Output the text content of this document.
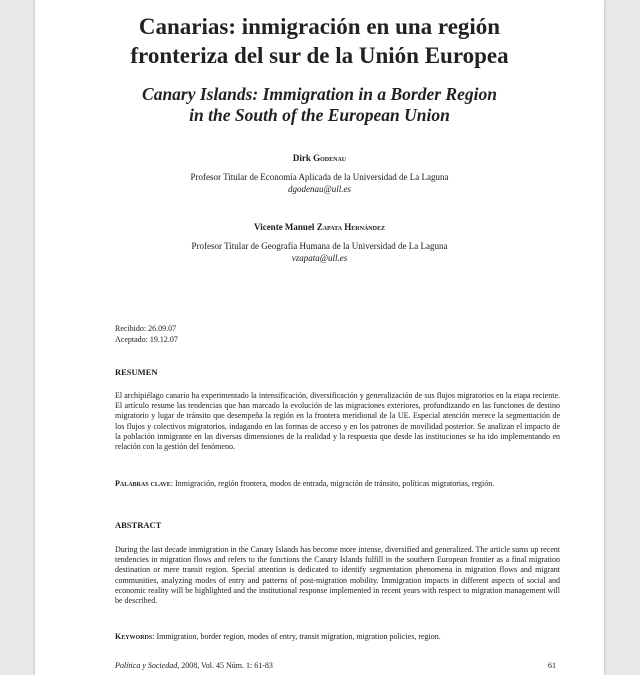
Canarias: inmigración en una región
fronteriza del sur de la Unión Europea
Canary Islands: Immigration in a Border Region
in the South of the European Union
Dirk Godenau
Profesor Titular de Economía Aplicada de la Universidad de La Laguna
dgodenau@ull.es
Vicente Manuel Zapata Hernández
Profesor Titular de Geografía Humana de la Universidad de La Laguna
vzapata@ull.es
Recibido: 26.09.07
Aceptado: 19.12.07
RESUMEN
El archipiélago canario ha experimentado la intensificación, diversificación y generalización de sus flujos migratorios en la etapa reciente. El artículo resume las tendencias que han marcado la evolución de las migraciones exteriores, profundizando en las funciones de destino migratorio y lugar de tránsito que desempeña la región en la frontera meridional de la UE. Especial atención merece la segmentación de los flujos y colectivos migratorios, indagando en las formas de acceso y en los patrones de movilidad posterior. Se analizan el impacto de la población inmigrante en las diversas dimensiones de la realidad y la respuesta que desde las instituciones se ha ido implementando en relación con la gestión del fenómeno.
Palabras clave: Inmigración, región frontera, modos de entrada, migración de tránsito, políticas migratorias, región.
ABSTRACT
During the last decade immigration in the Canary Islands has become more intense, diversified and generalized. The article sums up recent tendencies in migration flows and refers to the functions the Canary Islands fulfill in the southern European frontier as a final migration destination or mere transit region. Special attention is dedicated to identify segmentation phenomena in migration flows and migrant communities, analyzing modes of entry and patterns of post-migration mobility. Immigration impacts in different aspects of social and economic reality will be highlighted and the institutional response implemented in recent years with respect to migration management will be described.
Keywords: Immigration, border region, modes of entry, transit migration, migration policies, region.
Política y Sociedad, 2008, Vol. 45 Núm. 1: 61-83	61
